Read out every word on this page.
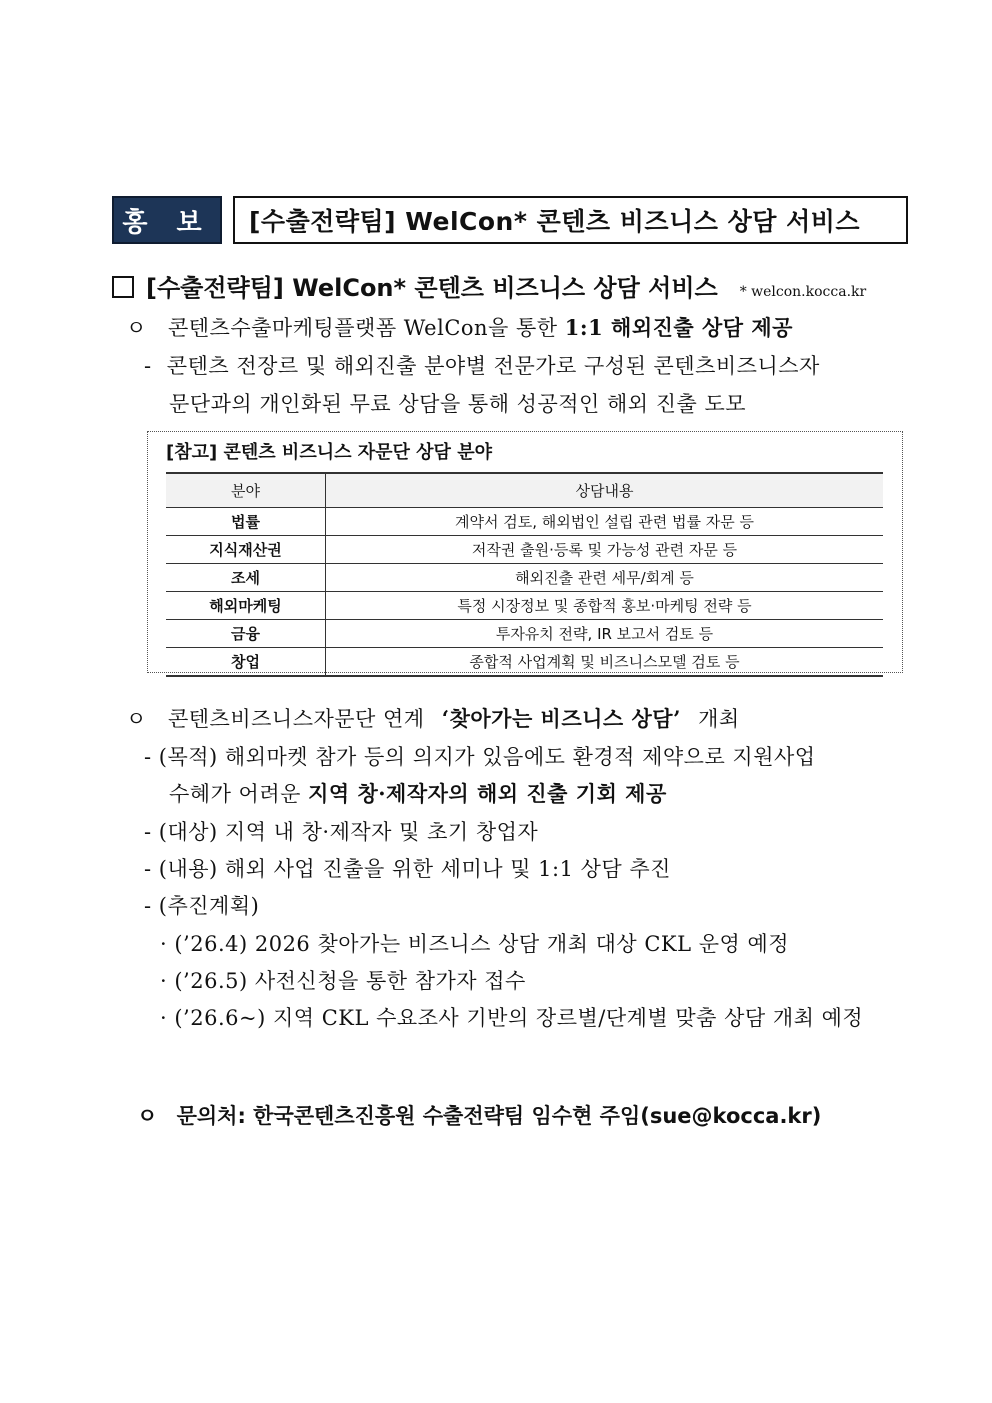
홍 보	[수출전략팀] WelCon* 콘텐츠 비즈니스 상담 서비스
[수출전략팀] WelCon* 콘텐츠 비즈니스 상담 서비스 * welcon.kocca.kr
ㅇ 콘텐츠수출마케팅플랫폼 WelCon을 통한 1:1 해외진출 상담 제공
- 콘텐츠 전장르 및 해외진출 분야별 전문가로 구성된 콘텐츠비즈니스자
문단과의 개인화된 무료 상담을 통해 성공적인 해외 진출 도모
[참고] 콘텐츠 비즈니스 자문단 상담 분야
분야	상담내용
법률	계약서 검토, 해외법인 설립 관련 법률 자문 등
지식재산권	저작권 출원·등록 및 가능성 관련 자문 등
조세	해외진출 관련 세무/회계 등
해외마케팅	특정 시장정보 및 종합적 홍보·마케팅 전략 등
금융	투자유치 전략, IR 보고서 검토 등
창업	종합적 사업계획 및 비즈니스모델 검토 등
ㅇ 콘텐츠비즈니스자문단 연계 ‘찾아가는 비즈니스 상담’ 개최
- (목적) 해외마켓 참가 등의 의지가 있음에도 환경적 제약으로 지원사업
수혜가 어려운 지역 창·제작자의 해외 진출 기회 제공
- (대상) 지역 내 창·제작자 및 초기 창업자
- (내용) 해외 사업 진출을 위한 세미나 및 1:1 상담 추진
- (추진계획)
· (’26.4) 2026 찾아가는 비즈니스 상담 개최 대상 CKL 운영 예정
· (’26.5) 사전신청을 통한 참가자 접수
· (’26.6~) 지역 CKL 수요조사 기반의 장르별/단계별 맞춤 상담 개최 예정
ㅇ 문의처: 한국콘텐츠진흥원 수출전략팀 임수현 주임(sue@kocca.kr)
